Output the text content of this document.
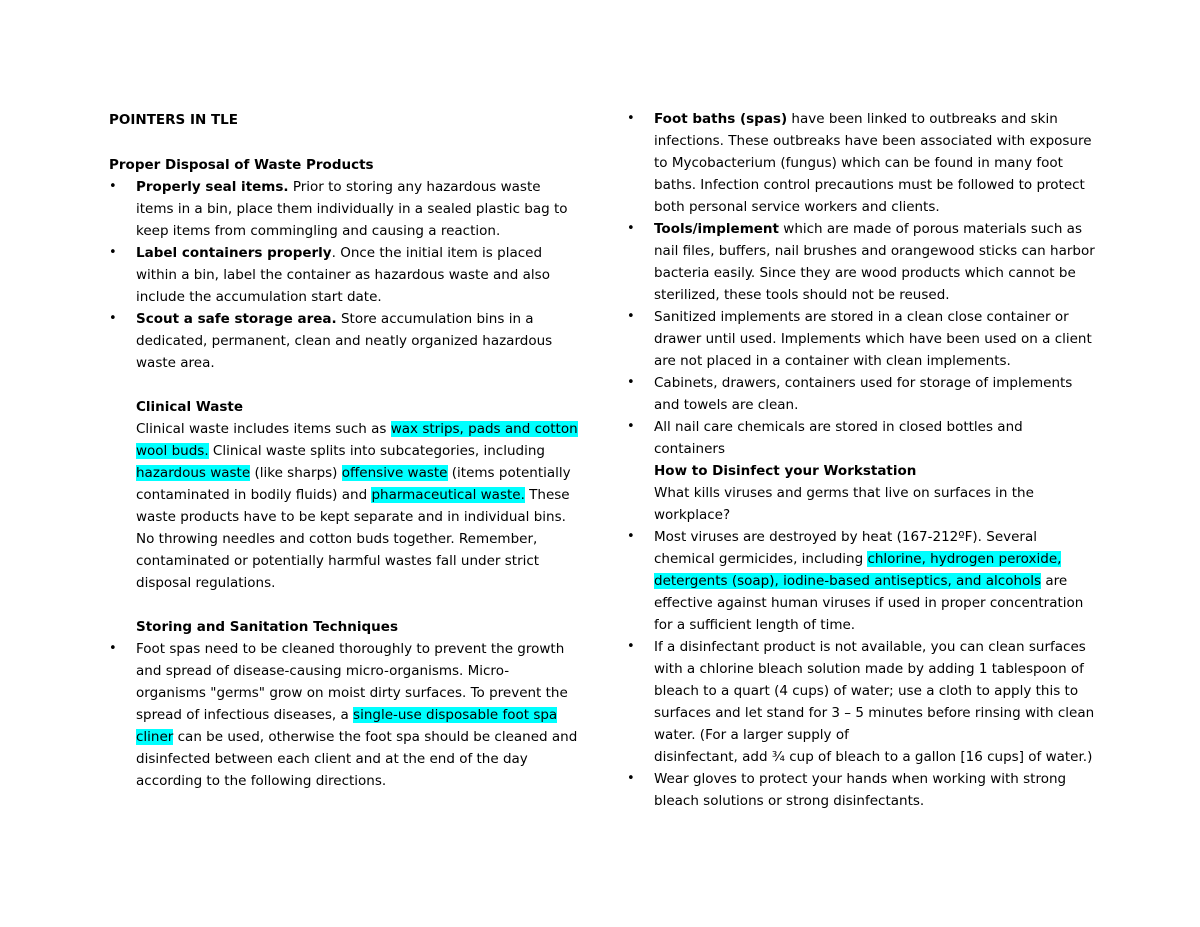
POINTERS IN TLE

Proper Disposal of Waste Products

•	Properly seal items. Prior to storing any hazardous waste items in a bin, place them individually in a sealed plastic bag to keep items from commingling and causing a reaction.
•	Label containers properly. Once the initial item is placed within a bin, label the container as hazardous waste and also include the accumulation start date.
•	Scout a safe storage area. Store accumulation bins in a dedicated, permanent, clean and neatly organized hazardous waste area.

Clinical Waste

Clinical waste includes items such as wax strips, pads and cotton wool buds. Clinical waste splits into subcategories, including hazardous waste (like sharps) offensive waste (items potentially contaminated in bodily fluids) and pharmaceutical waste. These waste products have to be kept separate and in individual bins. No throwing needles and cotton buds together. Remember, contaminated or potentially harmful wastes fall under strict disposal regulations.

Storing and Sanitation Techniques

•	Foot spas need to be cleaned thoroughly to prevent the growth and spread of disease-causing micro-organisms. Micro-organisms "germs" grow on moist dirty surfaces. To prevent the spread of infectious diseases, a single-use disposable foot spa cliner can be used, otherwise the foot spa should be cleaned and disinfected between each client and at the end of the day according to the following directions.
•	Foot baths (spas) have been linked to outbreaks and skin infections. These outbreaks have been associated with exposure to Mycobacterium (fungus) which can be found in many foot baths. Infection control precautions must be followed to protect both personal service workers and clients.
•	Tools/implement which are made of porous materials such as nail files, buffers, nail brushes and orangewood sticks can harbor bacteria easily. Since they are wood products which cannot be sterilized, these tools should not be reused.
•	Sanitized implements are stored in a clean close container or drawer until used. Implements which have been used on a client are not placed in a container with clean implements.
•	Cabinets, drawers, containers used for storage of implements and towels are clean.
•	All nail care chemicals are stored in closed bottles and containers

How to Disinfect your Workstation

What kills viruses and germs that live on surfaces in the workplace?

•	Most viruses are destroyed by heat (167-212ºF). Several chemical germicides, including chlorine, hydrogen peroxide, detergents (soap), iodine-based antiseptics, and alcohols are effective against human viruses if used in proper concentration for a sufficient length of time.
•	If a disinfectant product is not available, you can clean surfaces with a chlorine bleach solution made by adding 1 tablespoon of bleach to a quart (4 cups) of water; use a cloth to apply this to surfaces and let stand for 3 – 5 minutes before rinsing with clean water. (For a larger supply of
disinfectant, add ¾ cup of bleach to a gallon [16 cups] of water.)
•	Wear gloves to protect your hands when working with strong bleach solutions or strong disinfectants.
